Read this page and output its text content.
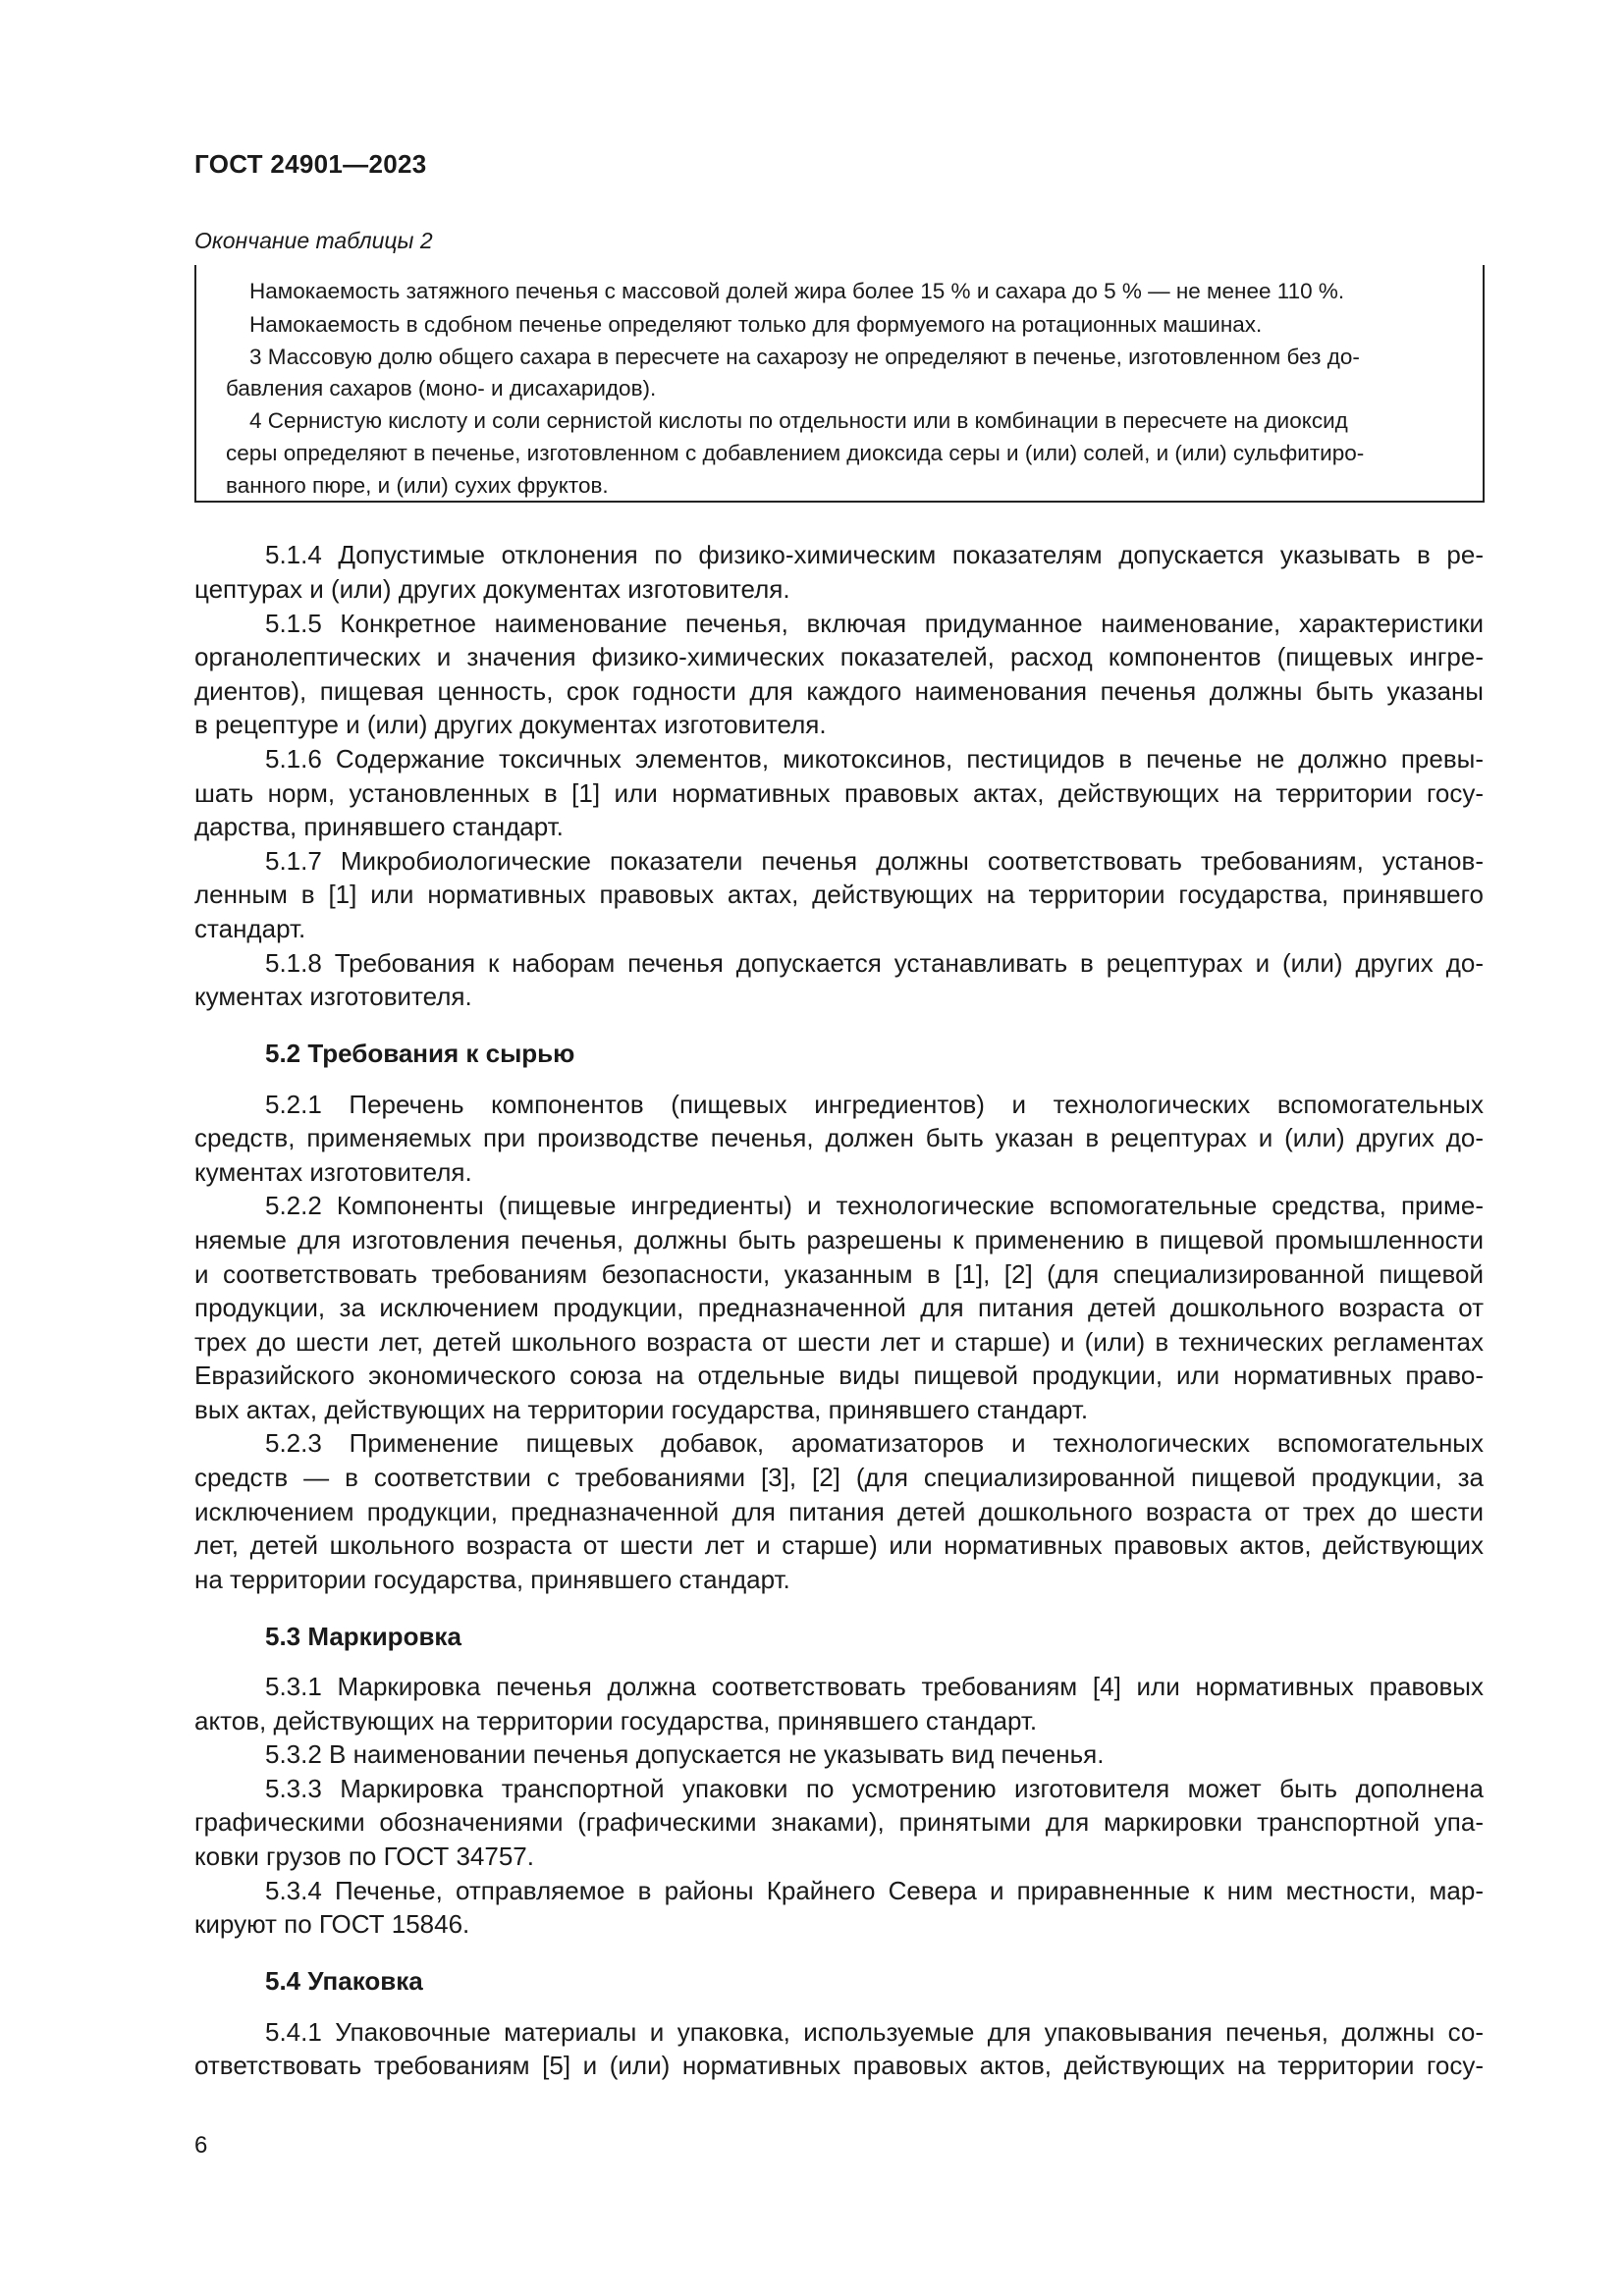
ГОСТ 24901—2023
Окончание таблицы 2
Намокаемость затяжного печенья с массовой долей жира более 15 % и сахара до 5 % — не менее 110 %.
Намокаемость в сдобном печенье определяют только для формуемого на ротационных машинах.
3 Массовую долю общего сахара в пересчете на сахарозу не определяют в печенье, изготовленном без до-
бавления сахаров (моно- и дисахаридов).
4 Сернистую кислоту и соли сернистой кислоты по отдельности или в комбинации в пересчете на диоксид
серы определяют в печенье, изготовленном с добавлением диоксида серы и (или) солей, и (или) сульфитиро-
ванного пюре, и (или) сухих фруктов.
5.1.4 Допустимые отклонения по физико-химическим показателям допускается указывать в ре-
цептурах и (или) других документах изготовителя.
5.1.5 Конкретное наименование печенья, включая придуманное наименование, характеристики
органолептических и значения физико-химических показателей, расход компонентов (пищевых ингре-
диентов), пищевая ценность, срок годности для каждого наименования печенья должны быть указаны
в рецептуре и (или) других документах изготовителя.
5.1.6 Содержание токсичных элементов, микотоксинов, пестицидов в печенье не должно превы-
шать норм, установленных в [1] или нормативных правовых актах, действующих на территории госу-
дарства, принявшего стандарт.
5.1.7 Микробиологические показатели печенья должны соответствовать требованиям, установ-
ленным в [1] или нормативных правовых актах, действующих на территории государства, принявшего
стандарт.
5.1.8 Требования к наборам печенья допускается устанавливать в рецептурах и (или) других до-
кументах изготовителя.
5.2 Требования к сырью
5.2.1 Перечень компонентов (пищевых ингредиентов) и технологических вспомогательных
средств, применяемых при производстве печенья, должен быть указан в рецептурах и (или) других до-
кументах изготовителя.
5.2.2 Компоненты (пищевые ингредиенты) и технологические вспомогательные средства, приме-
няемые для изготовления печенья, должны быть разрешены к применению в пищевой промышленности
и соответствовать требованиям безопасности, указанным в [1], [2] (для специализированной пищевой
продукции, за исключением продукции, предназначенной для питания детей дошкольного возраста от
трех до шести лет, детей школьного возраста от шести лет и старше) и (или) в технических регламентах
Евразийского экономического союза на отдельные виды пищевой продукции, или нормативных право-
вых актах, действующих на территории государства, принявшего стандарт.
5.2.3 Применение пищевых добавок, ароматизаторов и технологических вспомогательных
средств — в соответствии с требованиями [3], [2] (для специализированной пищевой продукции, за
исключением продукции, предназначенной для питания детей дошкольного возраста от трех до шести
лет, детей школьного возраста от шести лет и старше) или нормативных правовых актов, действующих
на территории государства, принявшего стандарт.
5.3 Маркировка
5.3.1 Маркировка печенья должна соответствовать требованиям [4] или нормативных правовых
актов, действующих на территории государства, принявшего стандарт.
5.3.2 В наименовании печенья допускается не указывать вид печенья.
5.3.3 Маркировка транспортной упаковки по усмотрению изготовителя может быть дополнена
графическими обозначениями (графическими знаками), принятыми для маркировки транспортной упа-
ковки грузов по ГОСТ 34757.
5.3.4 Печенье, отправляемое в районы Крайнего Севера и приравненные к ним местности, мар-
кируют по ГОСТ 15846.
5.4 Упаковка
5.4.1 Упаковочные материалы и упаковка, используемые для упаковывания печенья, должны со-
ответствовать требованиям [5] и (или) нормативных правовых актов, действующих на территории госу-
6
